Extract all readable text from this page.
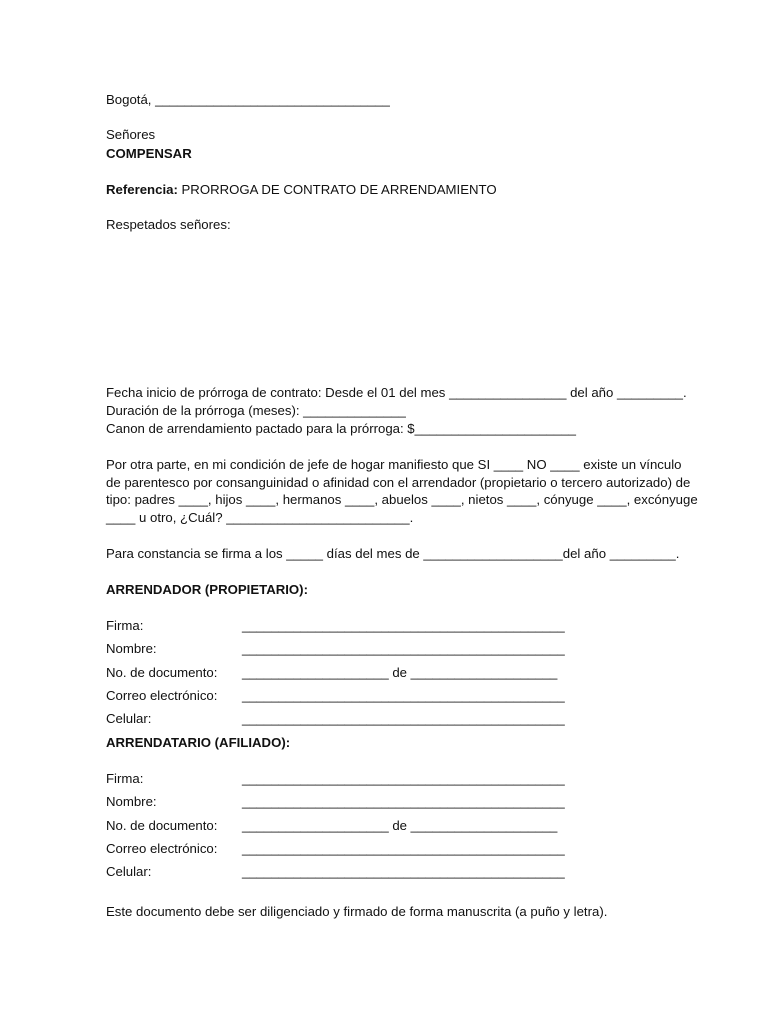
Bogotá, ________________________________
Señores
COMPENSAR
Referencia: PRORROGA DE CONTRATO DE ARRENDAMIENTO
Respetados señores:
Fecha inicio de prórroga de contrato: Desde el 01 del mes ________________ del año _________.
Duración de la prórroga (meses): ______________
Canon de arrendamiento pactado para la prórroga: $______________________
Por otra parte, en mi condición de jefe de hogar manifiesto que SI ____ NO ____ existe un vínculo
de parentesco por consanguinidad o afinidad con el arrendador (propietario o tercero autorizado) de
tipo: padres ____, hijos ____, hermanos ____, abuelos ____, nietos ____, cónyuge ____, excónyuge
____ u otro, ¿Cuál? _________________________.
Para constancia se firma a los _____ días del mes de ___________________del año _________.
ARRENDADOR (PROPIETARIO):
Firma:	____________________________________________
Nombre:	____________________________________________
No. de documento: ____________________ de ____________________
Correo electrónico: ____________________________________________
Celular:	____________________________________________
ARRENDATARIO (AFILIADO):
Firma:	____________________________________________
Nombre:	____________________________________________
No. de documento: ____________________ de ____________________
Correo electrónico: ____________________________________________
Celular:	____________________________________________
Este documento debe ser diligenciado y firmado de forma manuscrita (a puño y letra).
